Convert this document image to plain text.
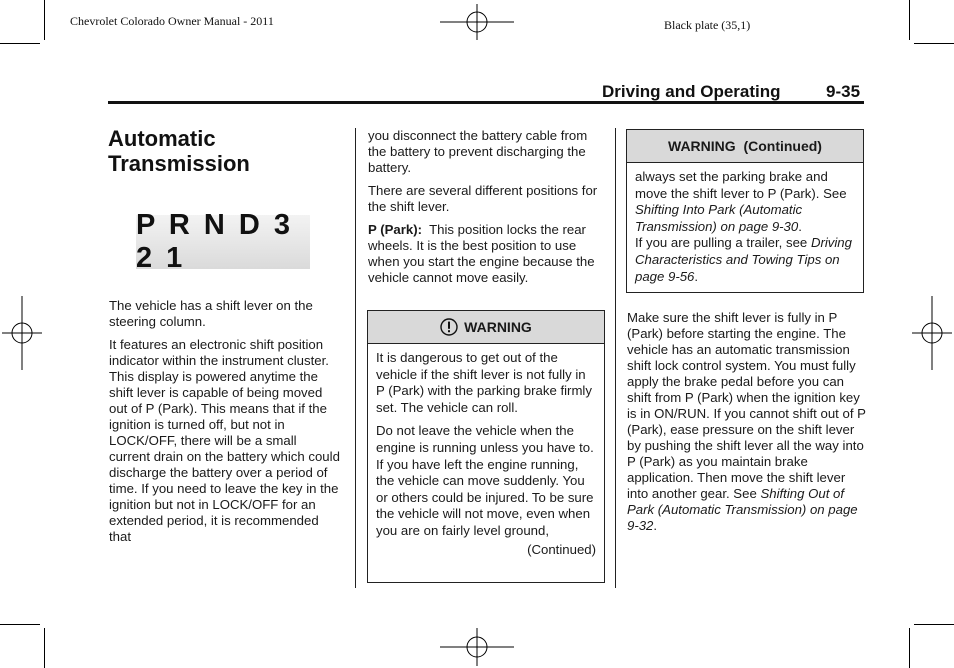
Chevrolet Colorado Owner Manual - 2011	Black plate (35,1)
Driving and Operating	9-35
Automatic
Transmission
P R N D 3 2 1

The vehicle has a shift lever on the steering column.

It features an electronic shift position indicator within the instrument cluster. This display is powered anytime the shift lever is capable of being moved out of P (Park). This means that if the ignition is turned off, but not in LOCK/OFF, there will be a small current drain on the battery which could discharge the battery over a period of time. If you need to leave the key in the ignition but not in LOCK/OFF for an extended period, it is recommended that

you disconnect the battery cable from the battery to prevent discharging the battery.

There are several different positions for the shift lever.

P (Park): This position locks the rear wheels. It is the best position to use when you start the engine because the vehicle cannot move easily.

WARNING

It is dangerous to get out of the vehicle if the shift lever is not fully in P (Park) with the parking brake firmly set. The vehicle can roll.

Do not leave the vehicle when the engine is running unless you have to. If you have left the engine running, the vehicle can move suddenly. You or others could be injured. To be sure the vehicle will not move, even when you are on fairly level ground,

(Continued)

WARNING  (Continued)

always set the parking brake and move the shift lever to P (Park). See Shifting Into Park (Automatic Transmission) on page 9-30.

If you are pulling a trailer, see Driving Characteristics and Towing Tips on page 9-56.

Make sure the shift lever is fully in P (Park) before starting the engine. The vehicle has an automatic transmission shift lock control system. You must fully apply the brake pedal before you can shift from P (Park) when the ignition key is in ON/RUN. If you cannot shift out of P (Park), ease pressure on the shift lever by pushing the shift lever all the way into P (Park) as you maintain brake application. Then move the shift lever into another gear. See Shifting Out of Park (Automatic Transmission) on page 9-32.
